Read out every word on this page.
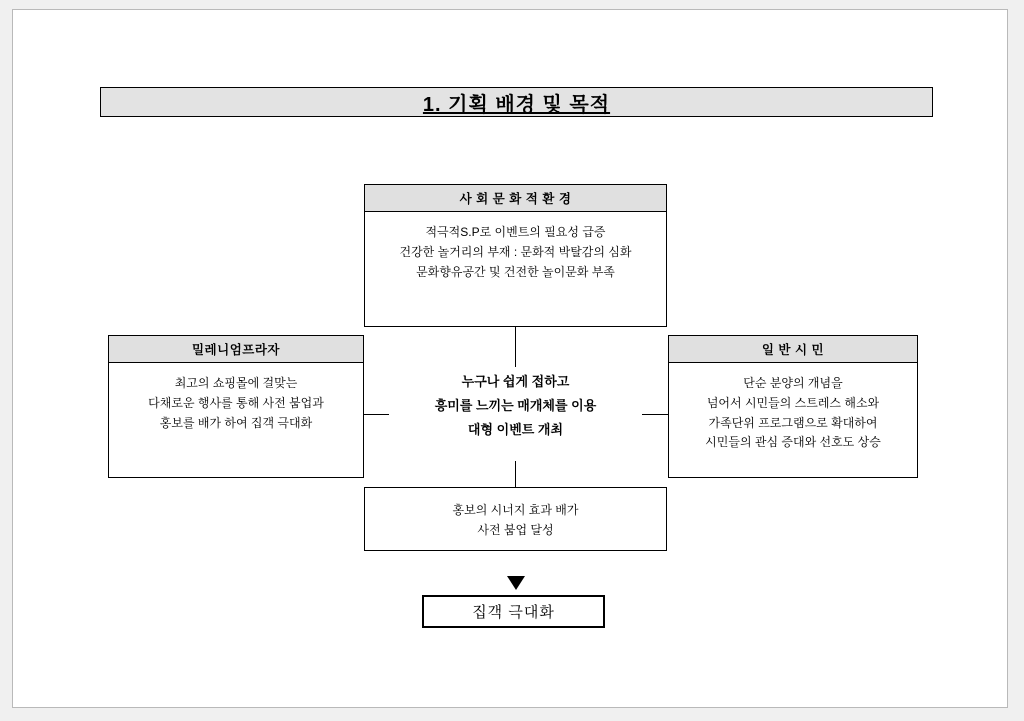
1. 기획 배경 및 목적
사 회 문 화 적 환 경
적극적S.P로 이벤트의 필요성 급증
건강한 놀거리의 부재 : 문화적 박탈감의 심화
문화향유공간 및 건전한 놀이문화 부족
밀레니엄프라자
최고의 쇼핑몰에 걸맞는
다채로운 행사를 통해 사전 붐업과
홍보를 배가 하여 집객 극대화
일 반 시 민
단순 분양의 개념을
넘어서 시민들의 스트레스 해소와
가족단위 프로그램으로 확대하여
시민들의 관심 증대와 선호도 상승
누구나 쉽게 접하고
흥미를 느끼는 매개체를 이용
대형 이벤트 개최
홍보의 시너지 효과 배가
사전 붐업 달성
집객 극대화
